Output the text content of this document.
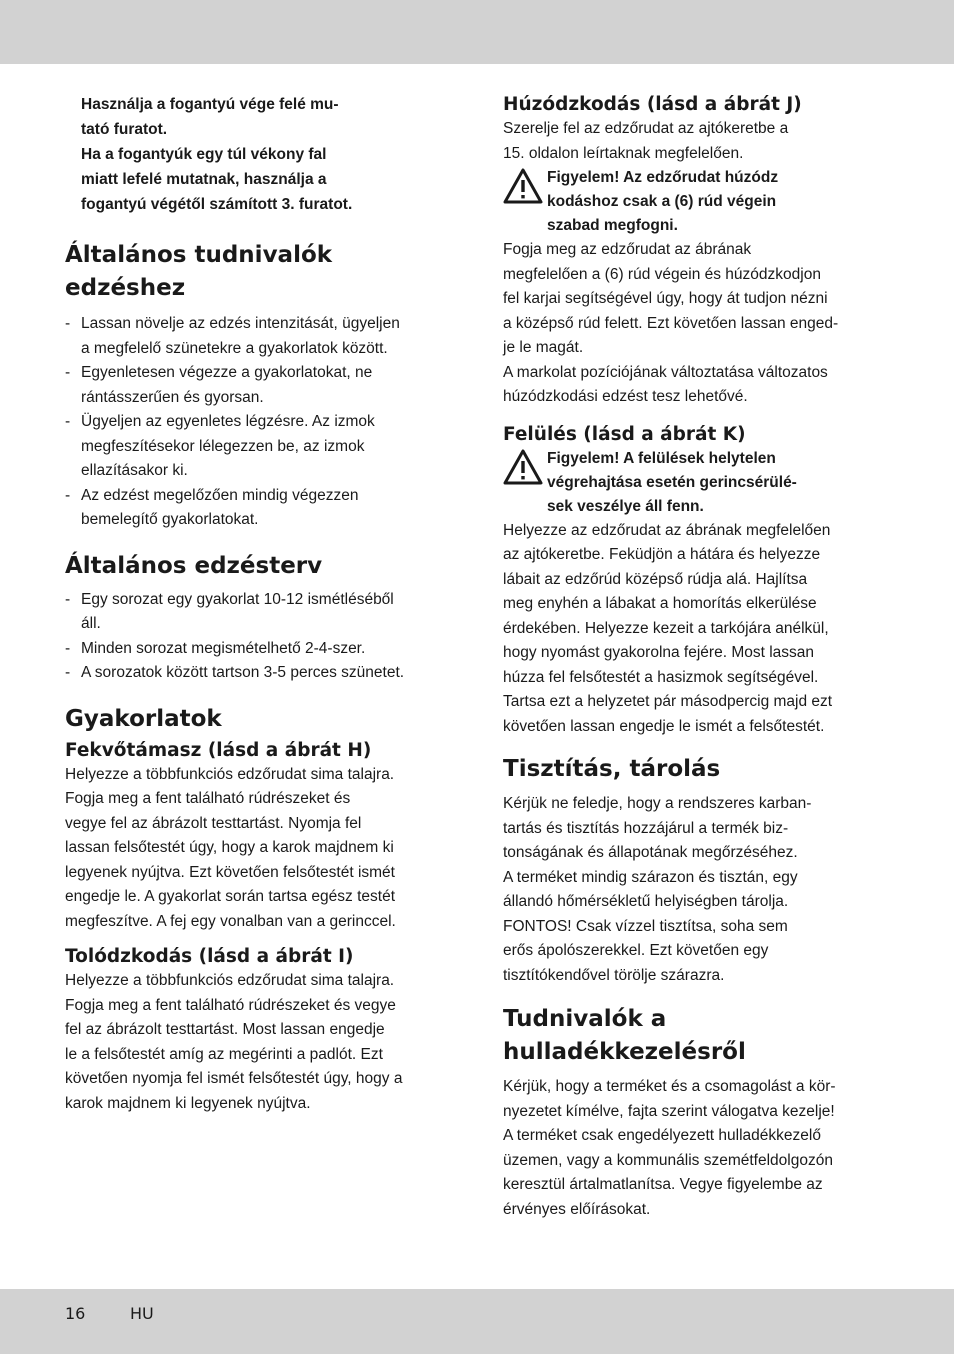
Használja a fogantyú vége felé mu-
tató furatot.
Ha a fogantyúk egy túl vékony fal
miatt lefelé mutatnak, használja a
fogantyú végétől számított 3. furatot.

Általános tudnivalók
edzéshez
- Lassan növelje az edzés intenzitását, ügyeljen
a megfelelő szünetekre a gyakorlatok között.
- Egyenletesen végezze a gyakorlatokat, ne
rántásszerűen és gyorsan.
- Ügyeljen az egyenletes légzésre. Az izmok
megfeszítésekor lélegezzen be, az izmok
ellazításakor ki.
- Az edzést megelőzően mindig végezzen
bemelegítő gyakorlatokat.
Általános edzésterv
- Egy sorozat egy gyakorlat 10-12 ismétléséből
áll.
- Minden sorozat megismételhető 2-4-szer.
- A sorozatok között tartson 3-5 perces szünetet.
Gyakorlatok
Fekvőtámasz (lásd a ábrát H)

Helyezze a többfunkciós edzőrudat sima talajra.
Fogja meg a fent található rúdrészeket és
vegye fel az ábrázolt testtartást. Nyomja fel
lassan felsőtestét úgy, hogy a karok majdnem ki
legyenek nyújtva. Ezt követően felsőtestét ismét
engedje le. A gyakorlat során tartsa egész testét
megfeszítve. A fej egy vonalban van a gerinccel.

Tolódzkodás (lásd a ábrát I)

Helyezze a többfunkciós edzőrudat sima talajra.
Fogja meg a fent található rúdrészeket és vegye
fel az ábrázolt testtartást. Most lassan engedje
le a felsőtestét amíg az megérinti a padlót. Ezt
követően nyomja fel ismét felsőtestét úgy, hogy a
karok majdnem ki legyenek nyújtva.

Húzódzkodás (lásd a ábrát J)

Szerelje fel az edzőrudat az ajtókeretbe a
15. oldalon leírtaknak megfelelően.

Figyelem! Az edzőrudat húzódz
kodáshoz csak a (6) rúd végein
szabad megfogni.

Fogja meg az edzőrudat az ábrának
megfelelően a (6) rúd végein és húzódzkodjon
fel karjai segítségével úgy, hogy át tudjon nézni
a középső rúd felett. Ezt követően lassan enged-
je le magát.
A markolat pozíciójának változtatása változatos
húzódzkodási edzést tesz lehetővé.

Felülés (lásd a ábrát K)
Figyelem! A felülések helytelen
végrehajtása esetén gerincsérülé-
sek veszélye áll fenn.

Helyezze az edzőrudat az ábrának megfelelően
az ajtókeretbe. Feküdjön a hátára és helyezze
lábait az edzőrúd középső rúdja alá. Hajlítsa
meg enyhén a lábakat a homorítás elkerülése
érdekében. Helyezze kezeit a tarkójára anélkül,
hogy nyomást gyakorolna fejére. Most lassan
húzza fel felsőtestét a hasizmok segítségével.
Tartsa ezt a helyzetet pár másodpercig majd ezt
követően lassan engedje le ismét a felsőtestét.

Tisztítás, tárolás

Kérjük ne feledje, hogy a rendszeres karban-
tartás és tisztítás hozzájárul a termék biz-
tonságának és állapotának megőrzéséhez.
A terméket mindig szárazon és tisztán, egy
állandó hőmérsékletű helyiségben tárolja.
FONTOS! Csak vízzel tisztítsa, soha sem
erős ápolószerekkel. Ezt követően egy
tisztítókendővel törölje szárazra.

Tudnivalók a
hulladékkezelésről

Kérjük, hogy a terméket és a csomagolást a kör-
nyezetet kímélve, fajta szerint válogatva kezelje!
A terméket csak engedélyezett hulladékkezelő
üzemen, vagy a kommunális szemétfeldolgozón
keresztül ártalmatlanítsa. Vegye figyelembe az
érvényes előírásokat.

16	HU
